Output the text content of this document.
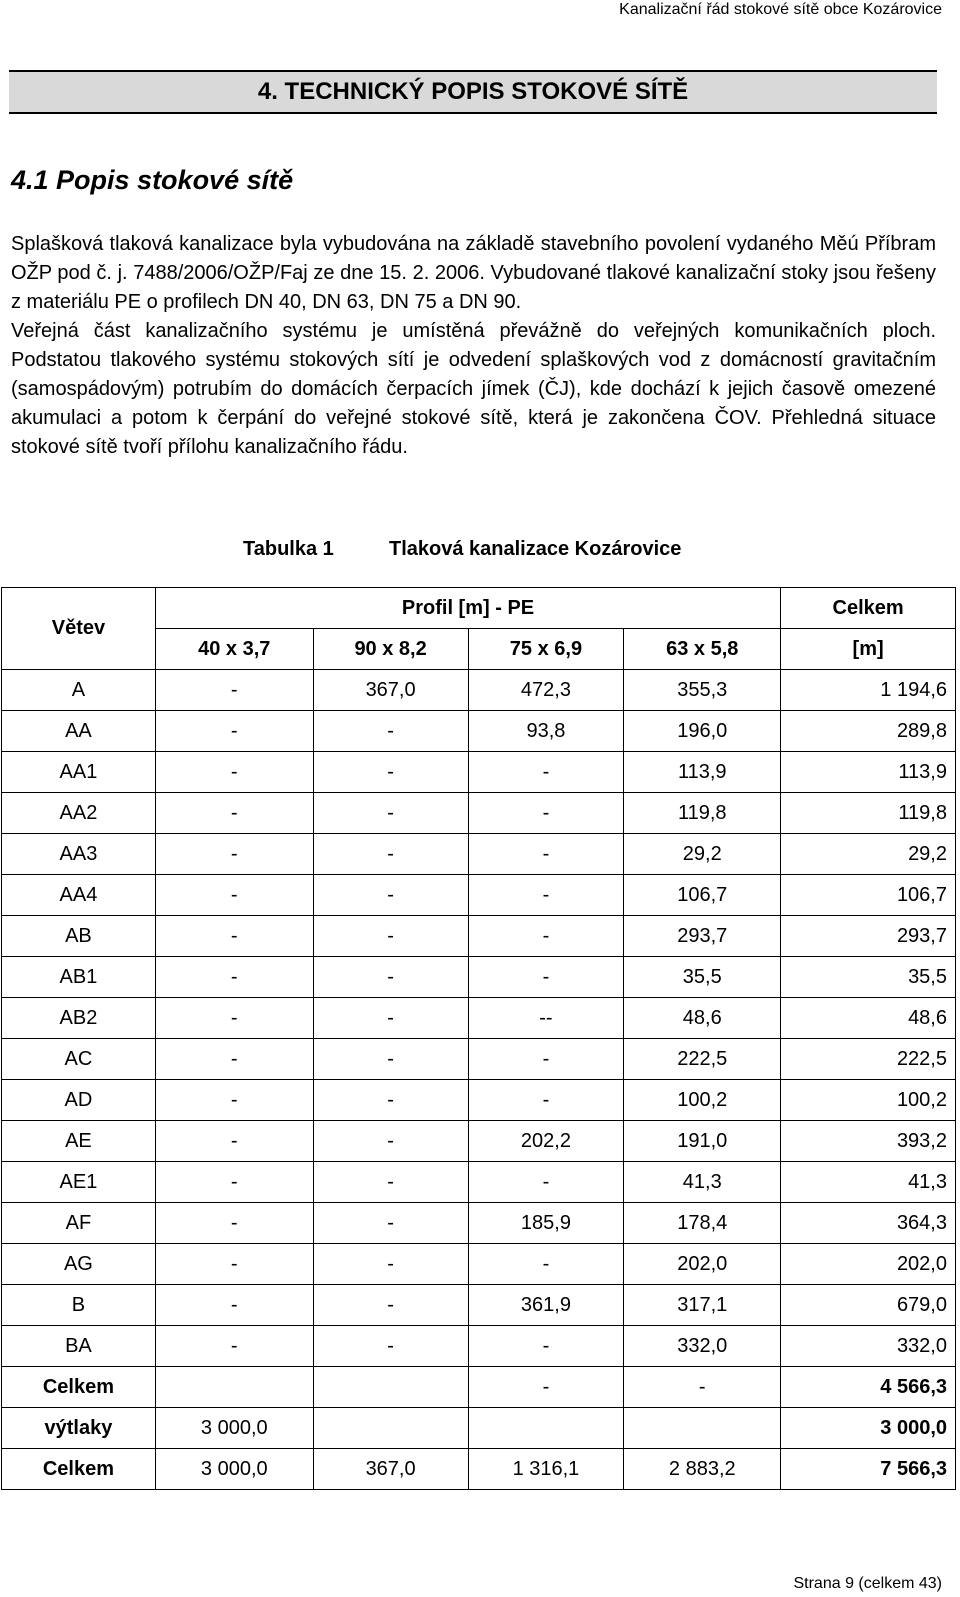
Kanalizační řád stokové sítě obce Kozárovice
4. TECHNICKÝ POPIS STOKOVÉ SÍTĚ
4.1 Popis stokové sítě

Splašková tlaková kanalizace byla vybudována na základě stavebního povolení vydaného Měú Příbram OŽP pod č. j. 7488/2006/OŽP/Faj ze dne 15. 2. 2006. Vybudované tlakové kanalizační stoky jsou řešeny z materiálu PE o profilech DN 40, DN 63, DN 75 a DN 90.

Veřejná část kanalizačního systému je umístěná převážně do veřejných komunikačních ploch. Podstatou tlakového systému stokových sítí je odvedení splaškových vod z domácností gravitačním (samospádovým) potrubím do domácích čerpacích jímek (ČJ), kde dochází k jejich časově omezené akumulaci a potom k čerpání do veřejné stokové sítě, která je zakončena ČOV. Přehledná situace stokové sítě tvoří přílohu kanalizačního řádu.

Tabulka 1	Tlaková kanalizace Kozárovice
Větev	Profil [m] - PE				Celkem
	40 x 3,7	90 x 8,2	75 x 6,9	63 x 5,8	[m]
A	-	367,0	472,3	355,3	1 194,6
AA	-	-	93,8	196,0	289,8
AA1	-	-	-	113,9	113,9
AA2	-	-	-	119,8	119,8
AA3	-	-	-	29,2	29,2
AA4	-	-	-	106,7	106,7
AB	-	-	-	293,7	293,7
AB1	-	-	-	35,5	35,5
AB2	-	-	--	48,6	48,6
AC	-	-	-	222,5	222,5
AD	-	-	-	100,2	100,2
AE	-	-	202,2	191,0	393,2
AE1	-	-	-	41,3	41,3
AF	-	-	185,9	178,4	364,3
AG	-	-	-	202,0	202,0
B	-	-	361,9	317,1	679,0
BA	-	-	-	332,0	332,0
Celkem			-	-	4 566,3
výtlaky	3 000,0				3 000,0
Celkem	3 000,0	367,0	1 316,1	2 883,2	7 566,3
Strana 9 (celkem 43)
